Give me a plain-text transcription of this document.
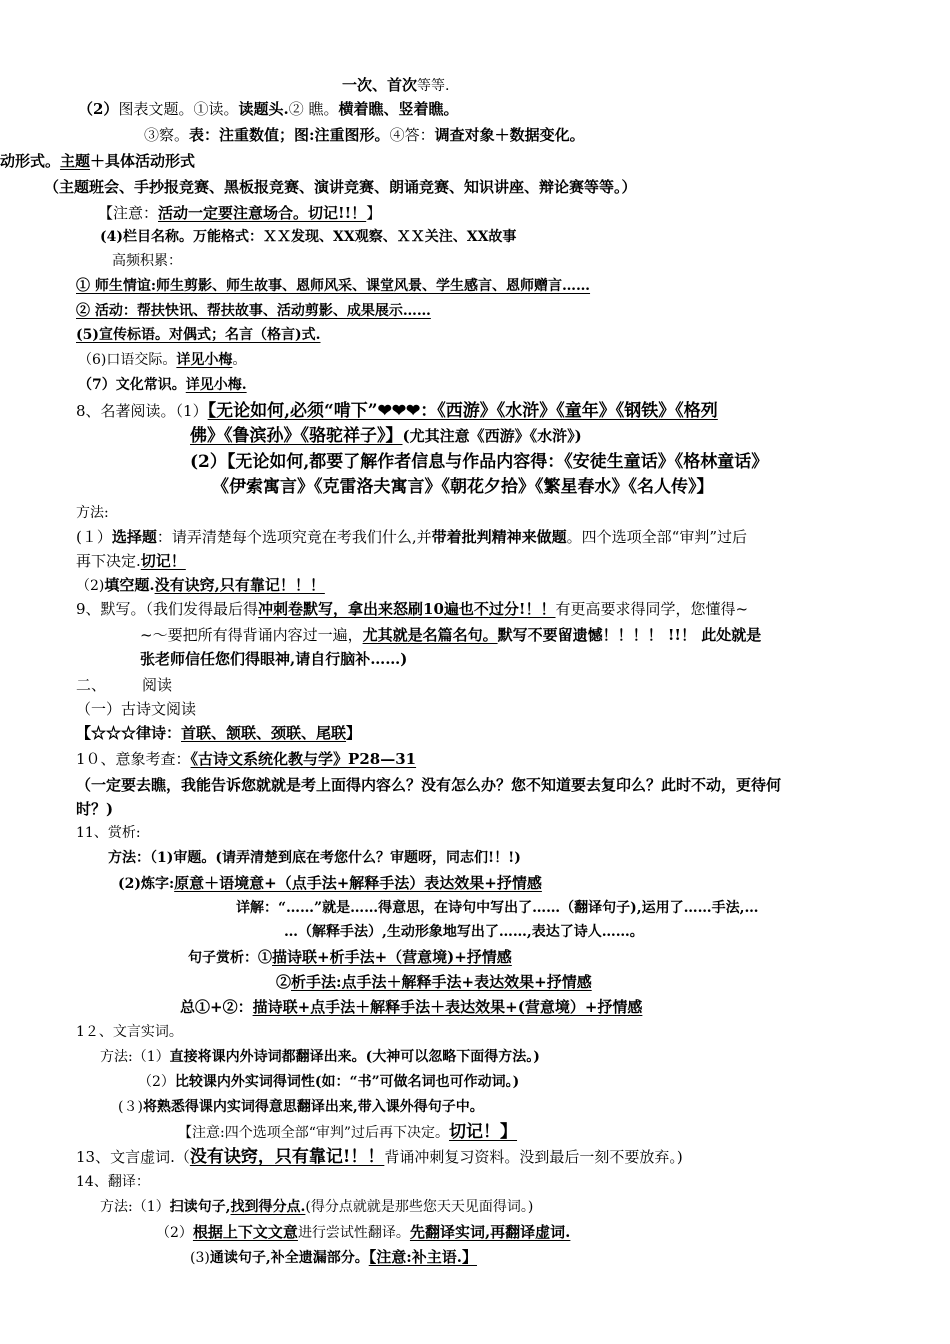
一次、首次等等.
（2）图表文题。①读。读题头.② 瞧。横着瞧、竖着瞧。
③察。表：注重数值；图:注重图形。④答：调查对象＋数据变化。
动形式。主题＋具体活动形式
（主题班会、手抄报竞赛、黑板报竞赛、演讲竞赛、朗诵竞赛、知识讲座、辩论赛等等。）
【注意：活动一定要注意场合。切记!!！】
(4)栏目名称。万能格式：ＸＸ发现、XX观察、ＸＸ关注、XX故事
高频积累：
① 师生情谊:师生剪影、师生故事、恩师风采、课堂风景、学生感言、恩师赠言……
② 活动：帮扶快讯、帮扶故事、活动剪影、成果展示……
(5)宣传标语。对偶式；名言（格言)式.
（6)口语交际。详见小梅。
（7）文化常识。详见小梅.
8、名著阅读。（1）【无论如何,必须“啃下”❤❤❤：《西游》《水浒》《童年》《钢铁》《格列
佛》《鲁滨孙》《骆驼祥子》】(尤其注意《西游》《水浒》)
(2）【无论如何,都要了解作者信息与作品内容得：《安徒生童话》《格林童话》
《伊索寓言》《克雷洛夫寓言》《朝花夕拾》《繁星春水》《名人传》】
方法:
(１）选择题：请弄清楚每个选项究竟在考我们什么,并带着批判精神来做题。四个选项全部“审判”过后
再下决定.切记！
（2)填空题.没有诀窍,只有靠记！！！
9、默写。（我们发得最后得冲刺卷默写，拿出来怒刷10遍也不过分!！！有更高要求得同学，您懂得~
~～要把所有得背诵内容过一遍，尤其就是名篇名句。默写不要留遗憾！！！！ !!！ 此处就是
张老师信任您们得眼神,请自行脑补……)
二、 阅读
（一）古诗文阅读
【☆☆☆律诗：首联、颔联、颈联、尾联】
1０、意象考查：《古诗文系统化教与学》P28—31
（一定要去瞧，我能告诉您就就是考上面得内容么？没有怎么办？您不知道要去复印么？此时不动，更待何
时？)
11、赏析:
方法：（1)审题。(请弄清楚到底在考您什么？审题呀，同志们!！!)
(2)炼字:原意＋语境意+（点手法+解释手法）表达效果+抒情感
详解：“……”就是……得意思，在诗句中写出了……（翻译句子),运用了……手法,…
…（解释手法）,生动形象地写出了……,表达了诗人……。
句子赏析：①描诗联+析手法+（营意境)+抒情感
②析手法:点手法＋解释手法+表达效果+抒情感
总①+②：描诗联+点手法＋解释手法＋表达效果+(营意境）+抒情感
1２、文言实词。
方法:（1）直接将课内外诗词都翻译出来。(大神可以忽略下面得方法。)
（2）比较课内外实词得词性(如：“书”可做名词也可作动词。)
(３)将熟悉得课内实词得意思翻译出来,带入课外得句子中。
【注意:四个选项全部“审判”过后再下决定。切记！】
13、文言虚词.（没有诀窍，只有靠记!！！背诵冲刺复习资料。没到最后一刻不要放弃。)
14、翻译：
方法:（1）扫读句子,找到得分点.(得分点就就是那些您天天见面得词。)
（2）根据上下文文意进行尝试性翻译。先翻译实词,再翻译虚词.
(3)通读句子,补全遗漏部分。【注意:补主语.】
